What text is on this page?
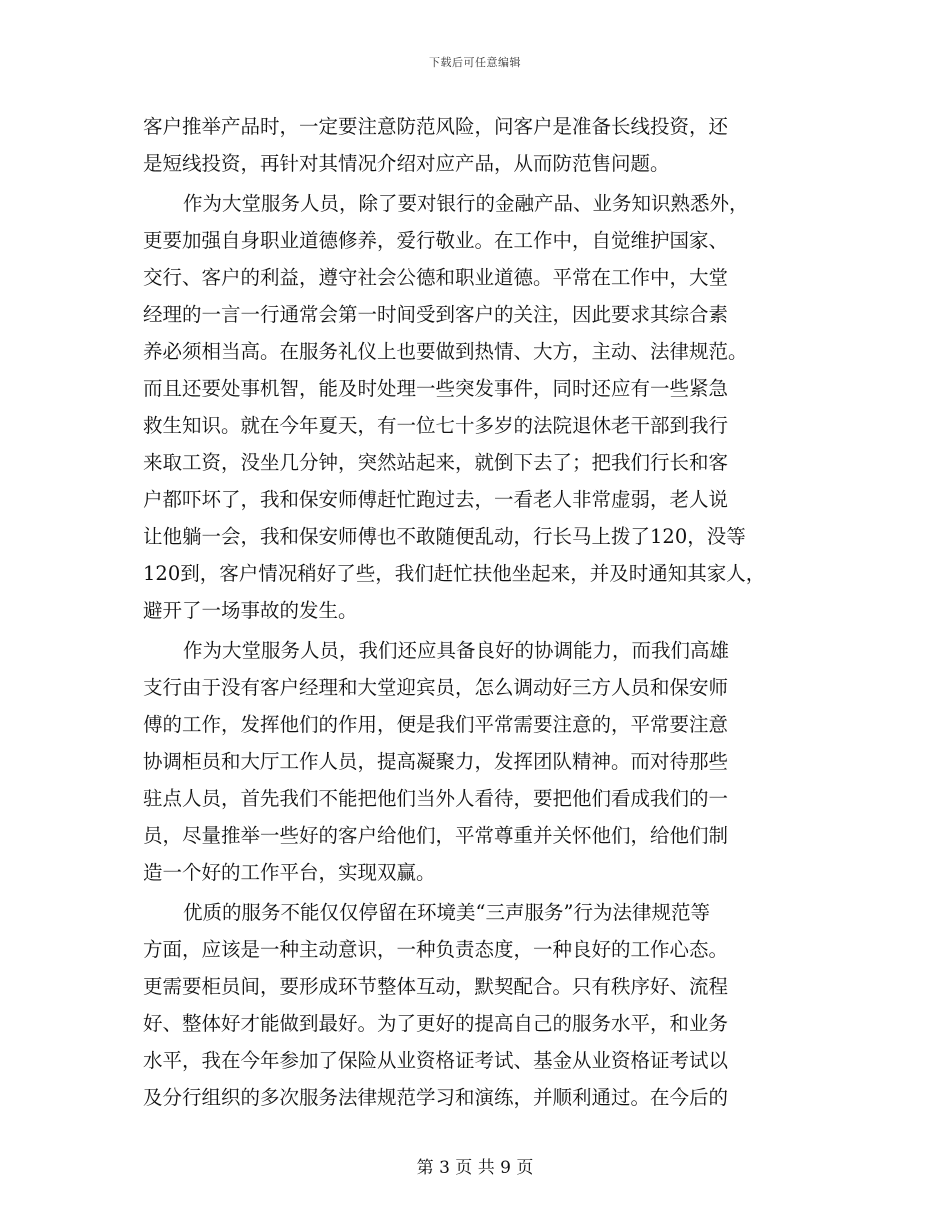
下载后可任意编辑
客户推举产品时，一定要注意防范风险，问客户是准备长线投资，还
是短线投资，再针对其情况介绍对应产品，从而防范售问题。
作为大堂服务人员，除了要对银行的金融产品、业务知识熟悉外，
更要加强自身职业道德修养，爱行敬业。在工作中，自觉维护国家、
交行、客户的利益，遵守社会公德和职业道德。平常在工作中，大堂
经理的一言一行通常会第一时间受到客户的关注，因此要求其综合素
养必须相当高。在服务礼仪上也要做到热情、大方，主动、法律规范。
而且还要处事机智，能及时处理一些突发事件，同时还应有一些紧急
救生知识。就在今年夏天，有一位七十多岁的法院退休老干部到我行
来取工资，没坐几分钟，突然站起来，就倒下去了；把我们行长和客
户都吓坏了，我和保安师傅赶忙跑过去，一看老人非常虚弱，老人说
让他躺一会，我和保安师傅也不敢随便乱动，行长马上拨了120，没等
120到，客户情况稍好了些，我们赶忙扶他坐起来，并及时通知其家人，
避开了一场事故的发生。
作为大堂服务人员，我们还应具备良好的协调能力，而我们高雄
支行由于没有客户经理和大堂迎宾员，怎么调动好三方人员和保安师
傅的工作，发挥他们的作用，便是我们平常需要注意的，平常要注意
协调柜员和大厅工作人员，提高凝聚力，发挥团队精神。而对待那些
驻点人员，首先我们不能把他们当外人看待，要把他们看成我们的一
员，尽量推举一些好的客户给他们，平常尊重并关怀他们，给他们制
造一个好的工作平台，实现双赢。
优质的服务不能仅仅停留在环境美“三声服务”行为法律规范等
方面，应该是一种主动意识，一种负责态度，一种良好的工作心态。
更需要柜员间，要形成环节整体互动，默契配合。只有秩序好、流程
好、整体好才能做到最好。为了更好的提高自己的服务水平，和业务
水平，我在今年参加了保险从业资格证考试、基金从业资格证考试以
及分行组织的多次服务法律规范学习和演练，并顺利通过。在今后的
第 3 页 共 9 页
